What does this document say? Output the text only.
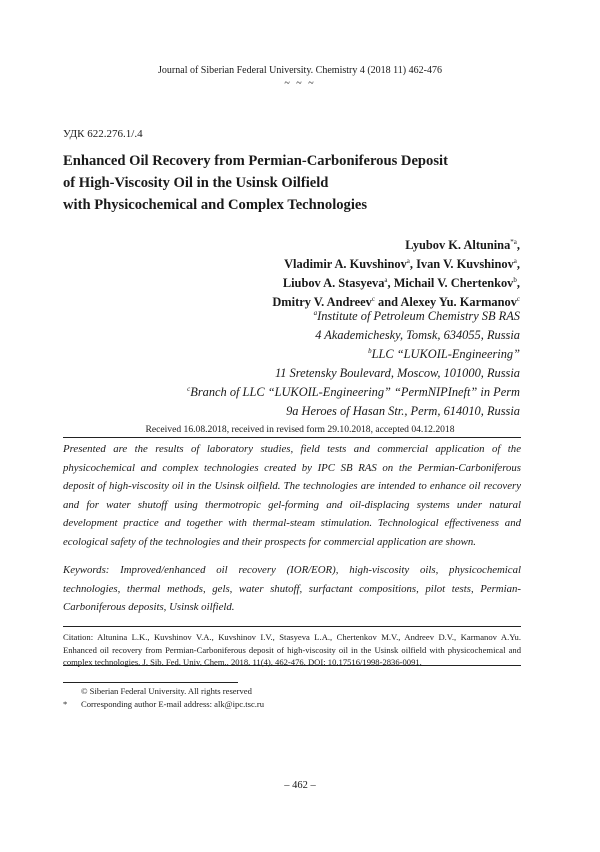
Journal of Siberian Federal University. Chemistry 4 (2018 11) 462-476
~ ~ ~
УДК 622.276.1/.4
Enhanced Oil Recovery from Permian-Carboniferous Deposit
of High-Viscosity Oil in the Usinsk Oilfield
with Physicochemical and Complex Technologies
Lyubov K. Altunina$^{*a}$,
Vladimir A. Kuvshinov$^a$, Ivan V. Kuvshinov$^a$,
Liubov A. Stasyeva$^a$, Michail V. Chertenkov$^b$,
Dmitry V. Andreev$^c$ and Alexey Yu. Karmanov$^c$
$^a$Institute of Petroleum Chemistry SB RAS
4 Akademichesky, Tomsk, 634055, Russia
$^b$LLC “LUKOIL-Engineering”
11 Sretensky Boulevard, Moscow, 101000, Russia
$^c$Branch of LLC “LUKOIL-Engineering” “PermNIPIneft” in Perm
9a Heroes of Hasan Str., Perm, 614010, Russia
Received 16.08.2018, received in revised form 29.10.2018, accepted 04.12.2018
Presented are the results of laboratory studies, field tests and commercial application of the physicochemical and complex technologies created by IPC SB RAS on the Permian-Carboniferous deposit of high-viscosity oil in the Usinsk oilfield. The technologies are intended to enhance oil recovery and for water shutoff using thermotropic gel-forming and oil-displacing systems under natural development practice and together with thermal-steam stimulation. Technological effectiveness and ecological safety of the technologies and their prospects for commercial application are shown.
Keywords: Improved/enhanced oil recovery (IOR/EOR), high-viscosity oils, physicochemical technologies, thermal methods, gels, water shutoff, surfactant compositions, pilot tests, Permian-Carboniferous deposits, Usinsk oilfield.
Citation: Altunina L.K., Kuvshinov V.A., Kuvshinov I.V., Stasyeva L.A., Chertenkov M.V., Andreev D.V., Karmanov A.Yu. Enhanced oil recovery from Permian-Carboniferous deposit of high-viscosity oil in the Usinsk oilfield with physicochemical and complex technologies, J. Sib. Fed. Univ. Chem., 2018, 11(4), 462-476. DOI: 10.17516/1998-2836-0091.
© Siberian Federal University. All rights reserved
*	Corresponding author E-mail address: alk@ipc.tsc.ru
– 462 –
